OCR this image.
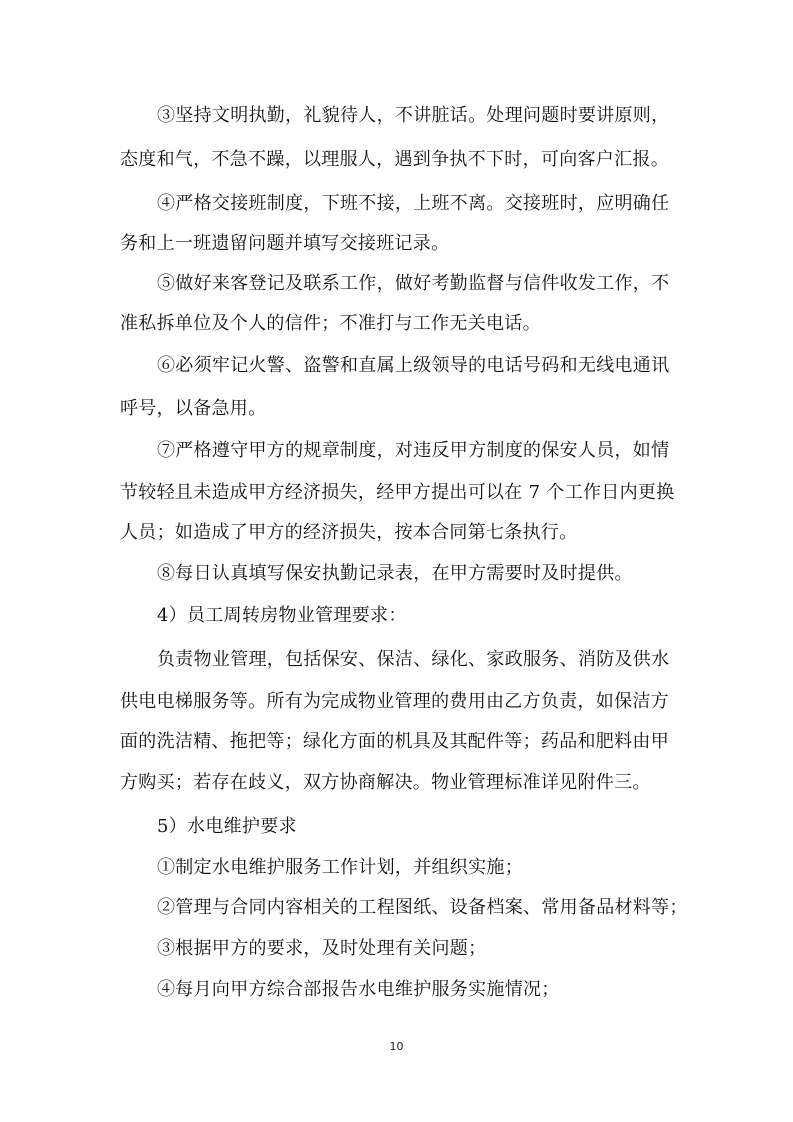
③坚持文明执勤，礼貌待人，不讲脏话。处理问题时要讲原则，
态度和气，不急不躁，以理服人，遇到争执不下时，可向客户汇报。
④严格交接班制度，下班不接，上班不离。交接班时，应明确任
务和上一班遗留问题并填写交接班记录。
⑤做好来客登记及联系工作，做好考勤监督与信件收发工作，不
准私拆单位及个人的信件；不准打与工作无关电话。
⑥必须牢记火警、盗警和直属上级领导的电话号码和无线电通讯
呼号，以备急用。
⑦严格遵守甲方的规章制度，对违反甲方制度的保安人员，如情
节较轻且未造成甲方经济损失，经甲方提出可以在 7 个工作日内更换
人员；如造成了甲方的经济损失，按本合同第七条执行。
⑧每日认真填写保安执勤记录表，在甲方需要时及时提供。
4）员工周转房物业管理要求：
负责物业管理，包括保安、保洁、绿化、家政服务、消防及供水
供电电梯服务等。所有为完成物业管理的费用由乙方负责，如保洁方
面的洗洁精、拖把等；绿化方面的机具及其配件等；药品和肥料由甲
方购买；若存在歧义，双方协商解决。物业管理标准详见附件三。
5）水电维护要求
①制定水电维护服务工作计划，并组织实施；
②管理与合同内容相关的工程图纸、设备档案、常用备品材料等；
③根据甲方的要求，及时处理有关问题；
④每月向甲方综合部报告水电维护服务实施情况；
10
